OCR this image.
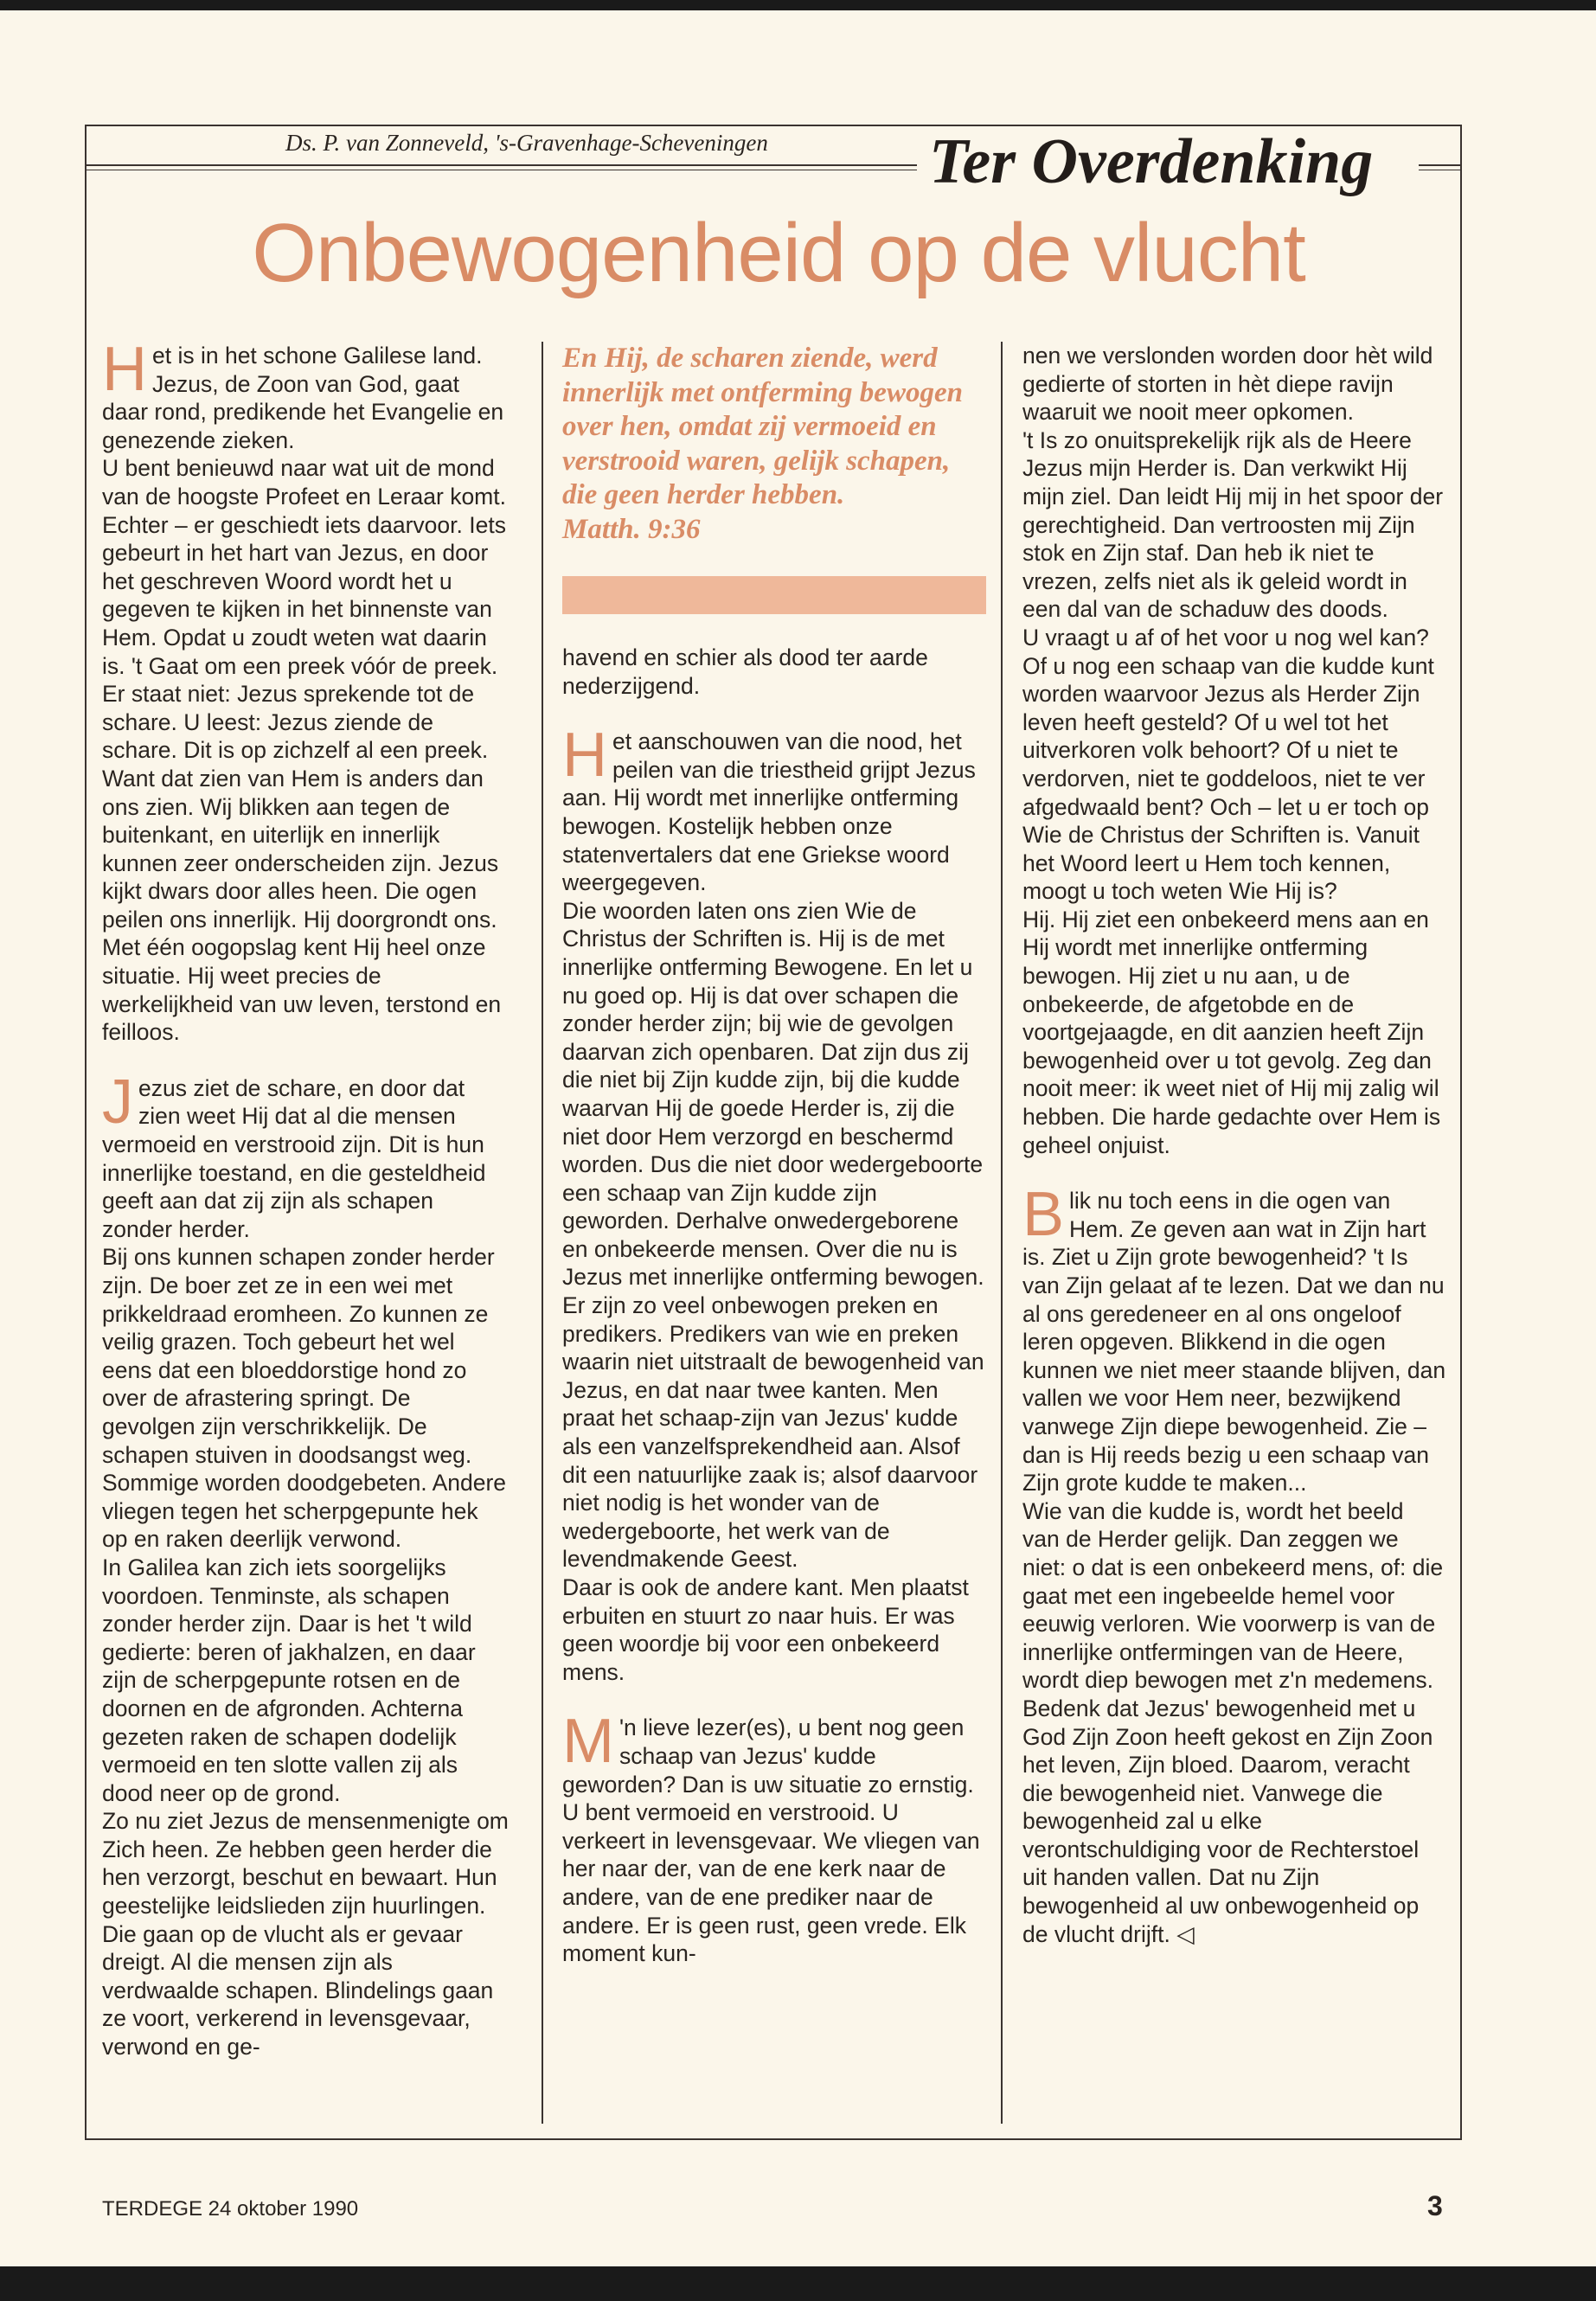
Ds. P. van Zonneveld, 's-Gravenhage-Scheveningen	Ter Overdenking
Onbewogenheid op de vlucht

Het is in het schone Galilese land. Jezus, de Zoon van God, gaat daar rond, predikende het Evangelie en genezende zieken.

U bent benieuwd naar wat uit de mond van de hoogste Profeet en Leraar komt. Echter – er geschiedt iets daarvoor. Iets gebeurt in het hart van Jezus, en door het geschreven Woord wordt het u gegeven te kijken in het binnenste van Hem. Opdat u zoudt weten wat daarin is. 't Gaat om een preek vóór de preek. Er staat niet: Jezus sprekende tot de schare. U leest: Jezus ziende de schare. Dit is op zichzelf al een preek. Want dat zien van Hem is anders dan ons zien. Wij blikken aan tegen de buitenkant, en uiterlijk en innerlijk kunnen zeer onderscheiden zijn. Jezus kijkt dwars door alles heen. Die ogen peilen ons innerlijk. Hij doorgrondt ons. Met één oogopslag kent Hij heel onze situatie. Hij weet precies de werkelijkheid van uw leven, terstond en feilloos.

Jezus ziet de schare, en door dat zien weet Hij dat al die mensen vermoeid en verstrooid zijn. Dit is hun innerlijke toestand, en die gesteldheid geeft aan dat zij zijn als schapen zonder herder.

Bij ons kunnen schapen zonder herder zijn. De boer zet ze in een wei met prikkeldraad eromheen. Zo kunnen ze veilig grazen. Toch gebeurt het wel eens dat een bloeddorstige hond zo over de afrastering springt. De gevolgen zijn verschrikkelijk. De schapen stuiven in doodsangst weg. Sommige worden doodgebeten. Andere vliegen tegen het scherpgepunte hek op en raken deerlijk verwond.

In Galilea kan zich iets soorgelijks voordoen. Tenminste, als schapen zonder herder zijn. Daar is het 't wild gedierte: beren of jakhalzen, en daar zijn de scherpgepunte rotsen en de doornen en de afgronden. Achterna gezeten raken de schapen dodelijk vermoeid en ten slotte vallen zij als dood neer op de grond.

Zo nu ziet Jezus de mensenmenigte om Zich heen. Ze hebben geen herder die hen verzorgt, beschut en bewaart. Hun geestelijke leidslieden zijn huurlingen. Die gaan op de vlucht als er gevaar dreigt. Al die mensen zijn als verdwaalde schapen. Blindelings gaan ze voort, verkerend in levensgevaar, verwond en ge-

En Hij, de scharen ziende, werd innerlijk met ontferming bewogen over hen, omdat zij vermoeid en verstrooid waren, gelijk schapen, die geen herder hebben.
Matth. 9:36

havend en schier als dood ter aarde nederzijgend.

Het aanschouwen van die nood, het peilen van die triestheid grijpt Jezus aan. Hij wordt met innerlijke ontferming bewogen. Kostelijk hebben onze statenvertalers dat ene Griekse woord weergegeven.

Die woorden laten ons zien Wie de Christus der Schriften is. Hij is de met innerlijke ontferming Bewogene. En let u nu goed op. Hij is dat over schapen die zonder herder zijn; bij wie de gevolgen daarvan zich openbaren. Dat zijn dus zij die niet bij Zijn kudde zijn, bij die kudde waarvan Hij de goede Herder is, zij die niet door Hem verzorgd en beschermd worden. Dus die niet door wedergeboorte een schaap van Zijn kudde zijn geworden. Derhalve onwedergeborene en onbekeerde mensen. Over die nu is Jezus met innerlijke ontferming bewogen.

Er zijn zo veel onbewogen preken en predikers. Predikers van wie en preken waarin niet uitstraalt de bewogenheid van Jezus, en dat naar twee kanten. Men praat het schaap-zijn van Jezus' kudde als een vanzelfsprekendheid aan. Alsof dit een natuurlijke zaak is; alsof daarvoor niet nodig is het wonder van de wedergeboorte, het werk van de levendmakende Geest.

Daar is ook de andere kant. Men plaatst erbuiten en stuurt zo naar huis. Er was geen woordje bij voor een onbekeerd mens.

M 'n lieve lezer(es), u bent nog geen schaap van Jezus' kudde geworden? Dan is uw situatie zo ernstig. U bent vermoeid en verstrooid. U verkeert in levensgevaar. We vliegen van her naar der, van de ene kerk naar de andere, van de ene prediker naar de andere. Er is geen rust, geen vrede. Elk moment kun-

nen we verslonden worden door hèt wild gedierte of storten in hèt diepe ravijn waaruit we nooit meer opkomen.

't Is zo onuitsprekelijk rijk als de Heere Jezus mijn Herder is. Dan verkwikt Hij mijn ziel. Dan leidt Hij mij in het spoor der gerechtigheid. Dan vertroosten mij Zijn stok en Zijn staf. Dan heb ik niet te vrezen, zelfs niet als ik geleid wordt in een dal van de schaduw des doods.

U vraagt u af of het voor u nog wel kan? Of u nog een schaap van die kudde kunt worden waarvoor Jezus als Herder Zijn leven heeft gesteld? Of u wel tot het uitverkoren volk behoort? Of u niet te verdorven, niet te goddeloos, niet te ver afgedwaald bent? Och – let u er toch op Wie de Christus der Schriften is. Vanuit het Woord leert u Hem toch kennen, moogt u toch weten Wie Hij is?

Hij. Hij ziet een onbekeerd mens aan en Hij wordt met innerlijke ontferming bewogen. Hij ziet u nu aan, u de onbekeerde, de afgetobde en de voortgejaagde, en dit aanzien heeft Zijn bewogenheid over u tot gevolg. Zeg dan nooit meer: ik weet niet of Hij mij zalig wil hebben. Die harde gedachte over Hem is geheel onjuist.

Blik nu toch eens in die ogen van Hem. Ze geven aan wat in Zijn hart is. Ziet u Zijn grote bewogenheid? 't Is van Zijn gelaat af te lezen. Dat we dan nu al ons geredeneer en al ons ongeloof leren opgeven. Blikkend in die ogen kunnen we niet meer staande blijven, dan vallen we voor Hem neer, bezwijkend vanwege Zijn diepe bewogenheid. Zie – dan is Hij reeds bezig u een schaap van Zijn grote kudde te maken...

Wie van die kudde is, wordt het beeld van de Herder gelijk. Dan zeggen we niet: o dat is een onbekeerd mens, of: die gaat met een ingebeelde hemel voor eeuwig verloren. Wie voorwerp is van de innerlijke ontfermingen van de Heere, wordt diep bewogen met z'n medemens.

Bedenk dat Jezus' bewogenheid met u God Zijn Zoon heeft gekost en Zijn Zoon het leven, Zijn bloed. Daarom, veracht die bewogenheid niet. Vanwege die bewogenheid zal u elke verontschuldiging voor de Rechterstoel uit handen vallen. Dat nu Zijn bewogenheid al uw onbewogenheid op de vlucht drijft. ◁

TERDEGE 24 oktober 1990	3
